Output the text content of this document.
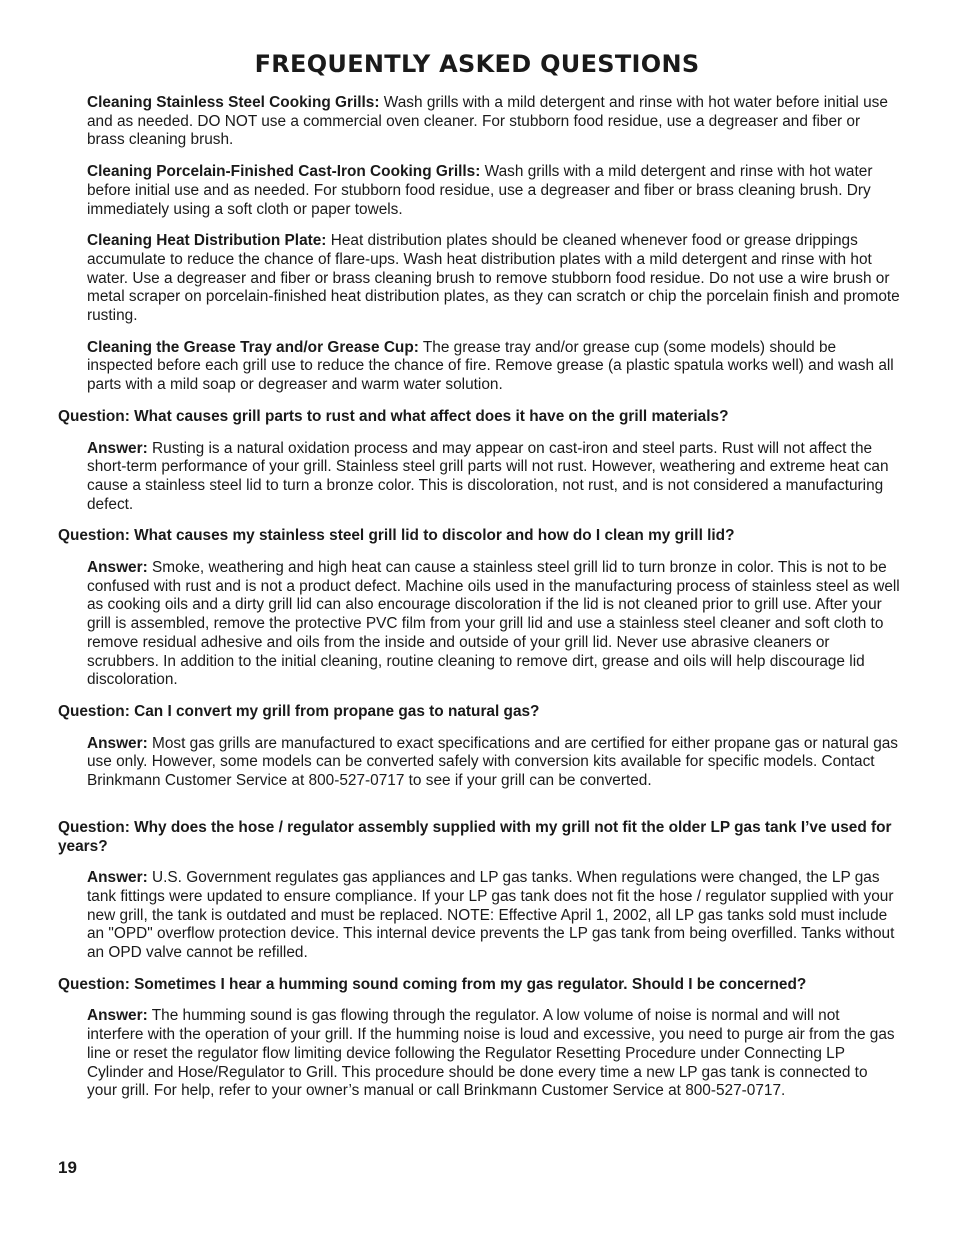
FREQUENTLY ASKED QUESTIONS

Cleaning Stainless Steel Cooking Grills: Wash grills with a mild detergent and rinse with hot water before initial use and as needed. DO NOT use a commercial oven cleaner. For stubborn food residue, use a degreaser and fiber or brass cleaning brush.

Cleaning Porcelain-Finished Cast-Iron Cooking Grills: Wash grills with a mild detergent and rinse with hot water before initial use and as needed. For stubborn food residue, use a degreaser and fiber or brass cleaning brush. Dry immediately using a soft cloth or paper towels.

Cleaning Heat Distribution Plate: Heat distribution plates should be cleaned whenever food or grease drippings accumulate to reduce the chance of flare-ups. Wash heat distribution plates with a mild detergent and rinse with hot water. Use a degreaser and fiber or brass cleaning brush to remove stubborn food residue. Do not use a wire brush or metal scraper on porcelain-finished heat distribution plates, as they can scratch or chip the porcelain finish and promote rusting.

Cleaning the Grease Tray and/or Grease Cup: The grease tray and/or grease cup (some models) should be inspected before each grill use to reduce the chance of fire. Remove grease (a plastic spatula works well) and wash all parts with a mild soap or degreaser and warm water solution.

Question: What causes grill parts to rust and what affect does it have on the grill materials?

Answer: Rusting is a natural oxidation process and may appear on cast-iron and steel parts. Rust will not affect the short-term performance of your grill. Stainless steel grill parts will not rust. However, weathering and extreme heat can cause a stainless steel lid to turn a bronze color. This is discoloration, not rust, and is not considered a manufacturing defect.

Question: What causes my stainless steel grill lid to discolor and how do I clean my grill lid?

Answer: Smoke, weathering and high heat can cause a stainless steel grill lid to turn bronze in color. This is not to be confused with rust and is not a product defect. Machine oils used in the manufacturing process of stainless steel as well as cooking oils and a dirty grill lid can also encourage discoloration if the lid is not cleaned prior to grill use. After your grill is assembled, remove the protective PVC film from your grill lid and use a stainless steel cleaner and soft cloth to remove residual adhesive and oils from the inside and outside of your grill lid. Never use abrasive cleaners or scrubbers. In addition to the initial cleaning, routine cleaning to remove dirt, grease and oils will help discourage lid discoloration.

Question: Can I convert my grill from propane gas to natural gas?

Answer: Most gas grills are manufactured to exact specifications and are certified for either propane gas or natural gas use only. However, some models can be converted safely with conversion kits available for specific models. Contact Brinkmann Customer Service at 800-527-0717 to see if your grill can be converted.

Question: Why does the hose / regulator assembly supplied with my grill not fit the older LP gas tank I’ve used for years?

Answer: U.S. Government regulates gas appliances and LP gas tanks. When regulations were changed, the LP gas tank fittings were updated to ensure compliance. If your LP gas tank does not fit the hose / regulator supplied with your new grill, the tank is outdated and must be replaced. NOTE: Effective April 1, 2002, all LP gas tanks sold must include an "OPD" overflow protection device. This internal device prevents the LP gas tank from being overfilled. Tanks without an OPD valve cannot be refilled.

Question: Sometimes I hear a humming sound coming from my gas regulator. Should I be concerned?

Answer: The humming sound is gas flowing through the regulator. A low volume of noise is normal and will not interfere with the operation of your grill. If the humming noise is loud and excessive, you need to purge air from the gas line or reset the regulator flow limiting device following the Regulator Resetting Procedure under Connecting LP Cylinder and Hose/Regulator to Grill. This procedure should be done every time a new LP gas tank is connected to your grill. For help, refer to your owner’s manual or call Brinkmann Customer Service at 800-527-0717.

19
